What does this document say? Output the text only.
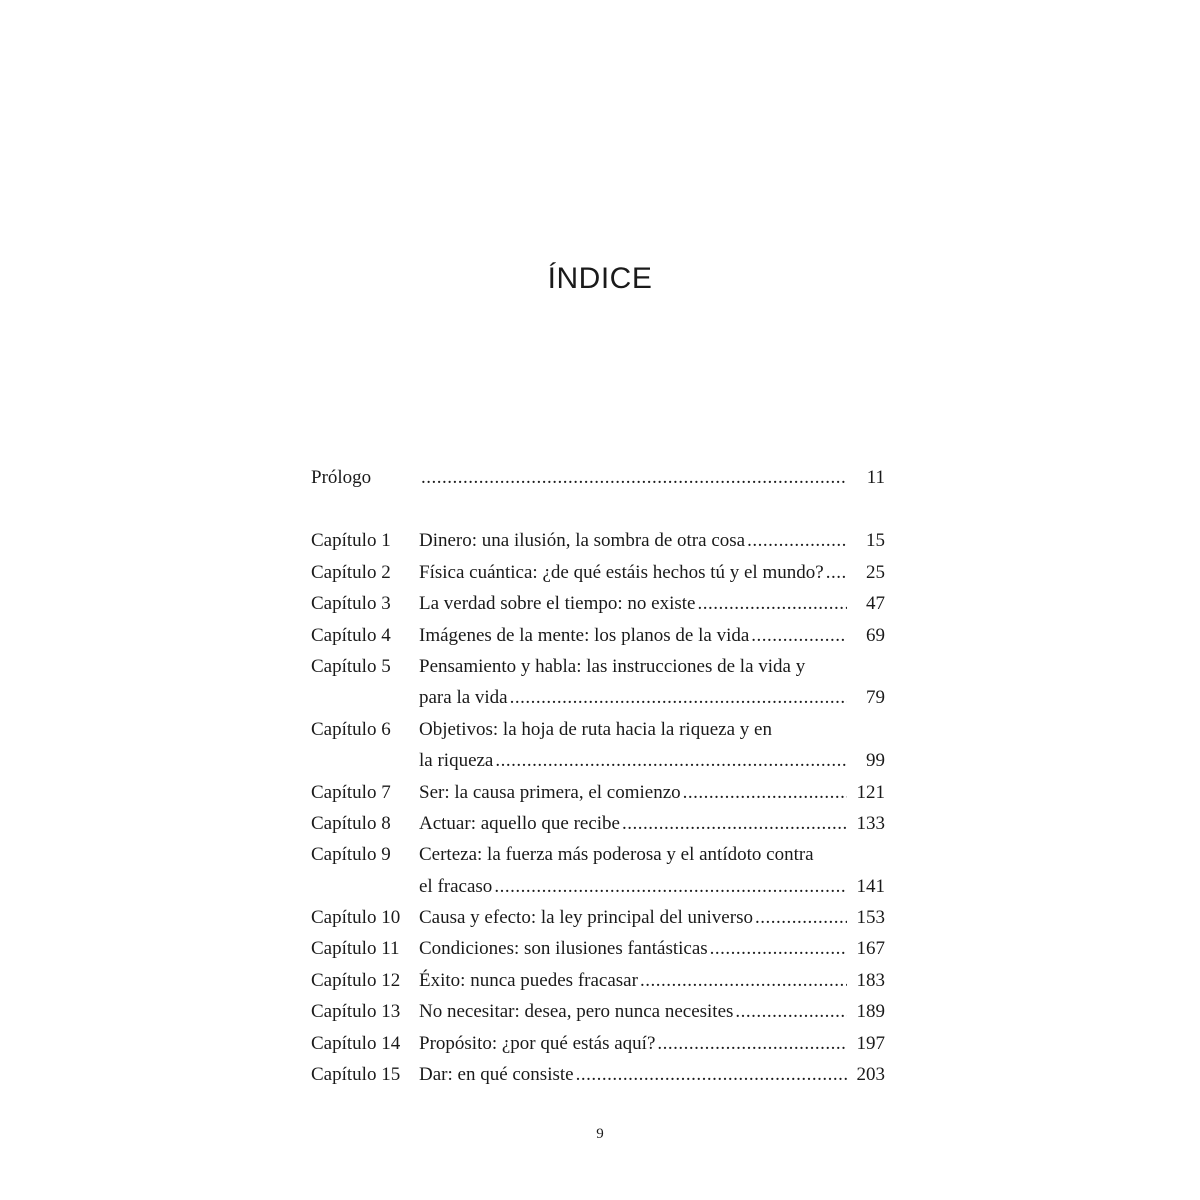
ÍNDICE
Prólogo .....	11
Capítulo 1 Dinero: una ilusión, la sombra de otra cosa .....	15
Capítulo 2 Física cuántica: ¿de qué estáis hechos tú y el mundo? .....	25
Capítulo 3 La verdad sobre el tiempo: no existe .....	47
Capítulo 4 Imágenes de la mente: los planos de la vida .....	69
Capítulo 5 Pensamiento y habla: las instrucciones de la vida y
para la vida .....	79
Capítulo 6 Objetivos: la hoja de ruta hacia la riqueza y en
la riqueza .....	99
Capítulo 7 Ser: la causa primera, el comienzo .....	121
Capítulo 8 Actuar: aquello que recibe .....	133
Capítulo 9 Certeza: la fuerza más poderosa y el antídoto contra
el fracaso .....	141
Capítulo 10 Causa y efecto: la ley principal del universo .....	153
Capítulo 11 Condiciones: son ilusiones fantásticas .....	167
Capítulo 12 Éxito: nunca puedes fracasar .....	183
Capítulo 13 No necesitar: desea, pero nunca necesites .....	189
Capítulo 14 Propósito: ¿por qué estás aquí? .....	197
Capítulo 15 Dar: en qué consiste .....	203
9
